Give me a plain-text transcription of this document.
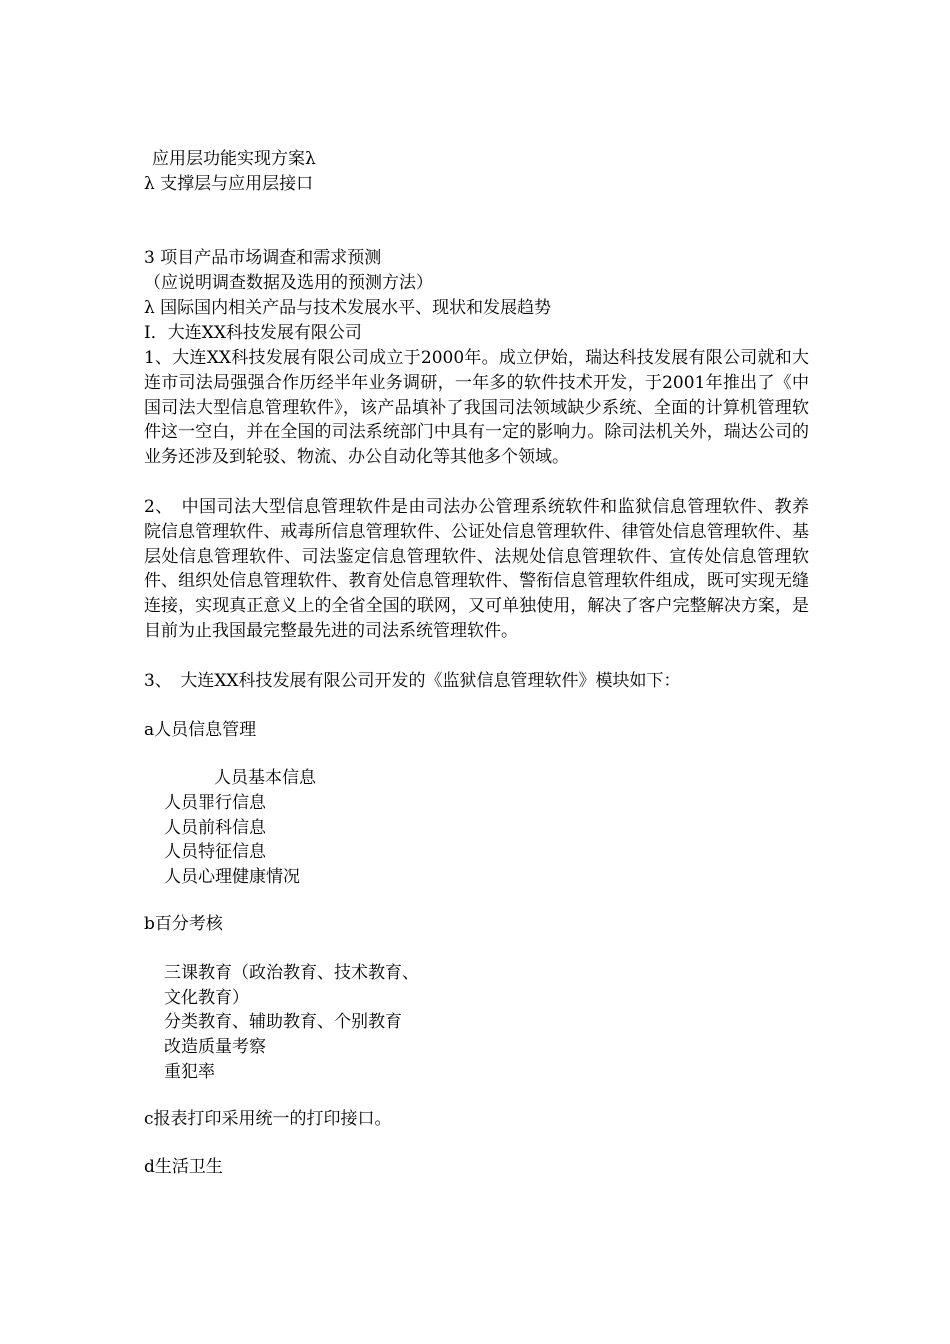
应用层功能实现方案λ

λ 支撑层与应用层接口

3 项目产品市场调查和需求预测

（应说明调查数据及选用的预测方法）

λ 国际国内相关产品与技术发展水平、现状和发展趋势

I．大连XX科技发展有限公司

1、大连XX科技发展有限公司成立于2000年。成立伊始，瑞达科技发展有限公司就和大连市司法局强强合作历经半年业务调研，一年多的软件技术开发，于2001年推出了《中国司法大型信息管理软件》，该产品填补了我国司法领域缺少系统、全面的计算机管理软件这一空白，并在全国的司法系统部门中具有一定的影响力。除司法机关外，瑞达公司的业务还涉及到轮驳、物流、办公自动化等其他多个领域。

2、　中国司法大型信息管理软件是由司法办公管理系统软件和监狱信息管理软件、教养院信息管理软件、戒毒所信息管理软件、公证处信息管理软件、律管处信息管理软件、基层处信息管理软件、司法鉴定信息管理软件、法规处信息管理软件、宣传处信息管理软件、组织处信息管理软件、教育处信息管理软件、警衔信息管理软件组成，既可实现无缝连接，实现真正意义上的全省全国的联网，又可单独使用，解决了客户完整解决方案，是目前为止我国最完整最先进的司法系统管理软件。

3、　大连XX科技发展有限公司开发的《监狱信息管理软件》模块如下：

a人员信息管理

人员基本信息

人员罪行信息

人员前科信息

人员特征信息

人员心理健康情况

b百分考核

三课教育（政治教育、技术教育、

文化教育）

分类教育、辅助教育、个别教育

改造质量考察

重犯率

c报表打印采用统一的打印接口。

d生活卫生
